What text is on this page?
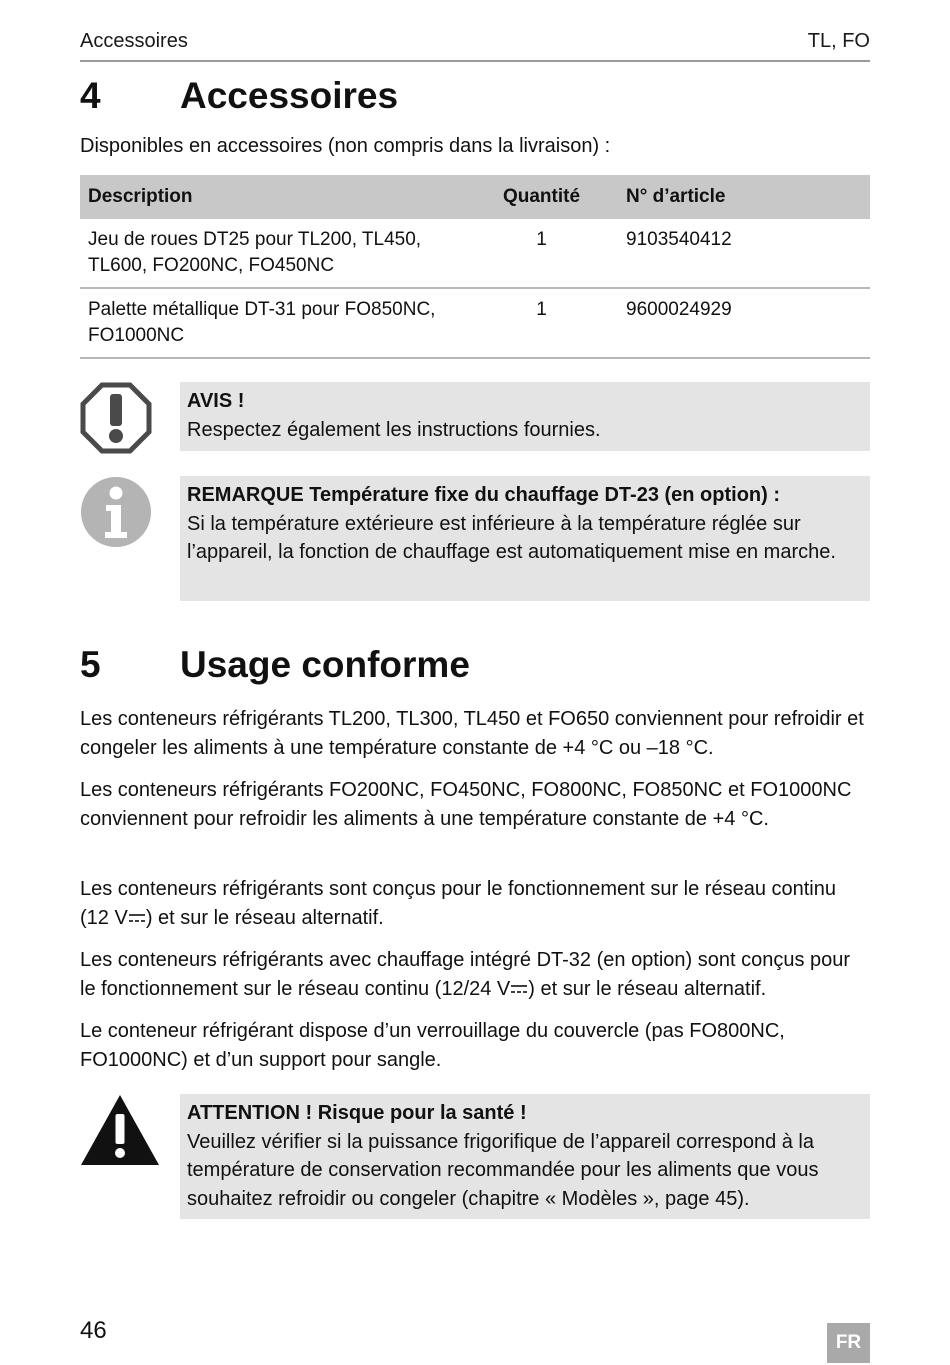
Accessoires	TL, FO
4 Accessoires
Disponibles en accessoires (non compris dans la livraison) :
Description	Quantité	N° d’article
Jeu de roues DT25 pour TL200, TL450, TL600, FO200NC, FO450NC	1	9103540412
Palette métallique DT-31 pour FO850NC, FO1000NC	1	9600024929
AVIS !
Respectez également les instructions fournies.
REMARQUE Température fixe du chauffage DT-23 (en option) :
Si la température extérieure est inférieure à la température réglée sur l’appareil, la fonction de chauffage est automatiquement mise en marche.
5 Usage conforme

Les conteneurs réfrigérants TL200, TL300, TL450 et FO650 conviennent pour refroidir et congeler les aliments à une température constante de +4 °C ou –18 °C.

Les conteneurs réfrigérants FO200NC, FO450NC, FO800NC, FO850NC et FO1000NC conviennent pour refroidir les aliments à une température constante de +4 °C.

Les conteneurs réfrigérants sont conçus pour le fonctionnement sur le réseau continu (12 V ) et sur le réseau alternatif.

Les conteneurs réfrigérants avec chauffage intégré DT-32 (en option) sont conçus pour le fonctionnement sur le réseau continu (12/24 V ) et sur le réseau alternatif.

Le conteneur réfrigérant dispose d’un verrouillage du couvercle (pas FO800NC, FO1000NC) et d’un support pour sangle.

ATTENTION ! Risque pour la santé !
Veuillez vérifier si la puissance frigorifique de l’appareil correspond à la température de conservation recommandée pour les aliments que vous souhaitez refroidir ou congeler (chapitre « Modèles », page 45).
46	FR
